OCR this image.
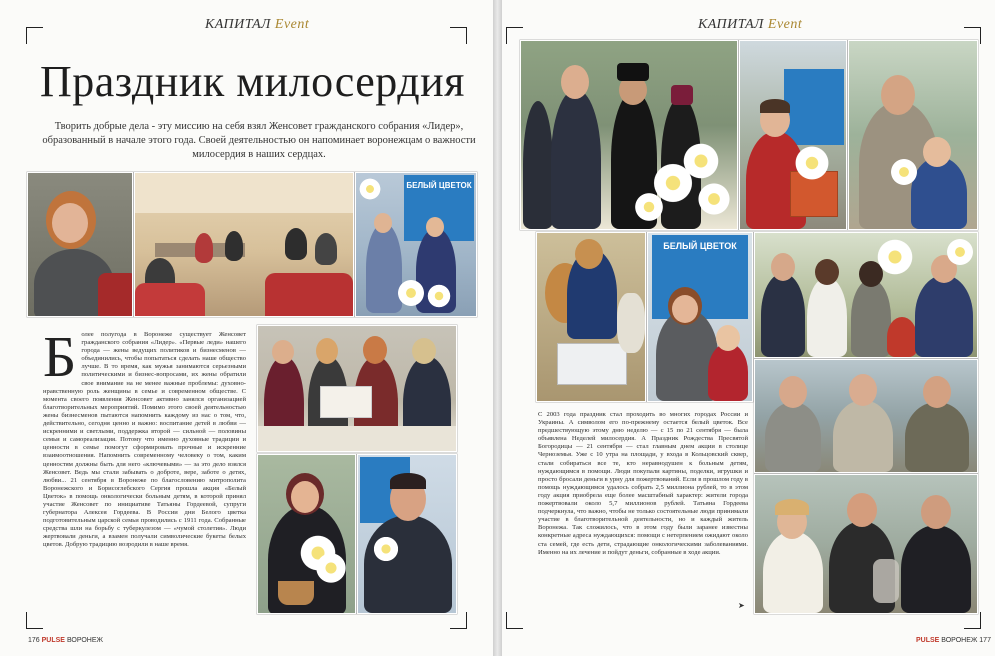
КАПИТАЛ Event
Праздник милосердия
Творить добрые дела - эту миссию на себя взял Женсовет гражданского собрания «Лидер», образованный в начале этого года. Своей деятельностью он напоминает воронежцам о важности милосердия в наших сердцах.
БЕЛЫЙ ЦВЕТОК
Б олее полугода в Воронеже существует Женсовет гражданского собрания «Лидер». «Первые леди» нашего города — жены ведущих политиков и бизнесменов — объединились, чтобы попытаться сделать наше общество лучше. В то время, как мужья занимаются серьезными политическими и бизнес-вопросами, их жены обратили свое внимание на не менее важные проблемы: духовно-нравственную роль женщины в семье и современном обществе. С момента своего появления Женсовет активно занялся организацией благотворительных мероприятий. Помимо этого своей деятельностью жены бизнесменов пытаются напомнить каждому из нас о том, что, действительно, сегодня ценно и важно: воспитание детей в любви — искренними и светлыми, поддержка второй — сильной — половины семьи и самореализация. Потому что именно духовные традиции и ценности в семье помогут сформировать прочные и искренние взаимоотношения. Напомнить современному человеку о том, каким ценностям должны быть для него «ключевыми» — за это дело взялся Женсовет. Ведь мы стали забывать о доброте, вере, заботе о детях, любви... 21 сентября в Воронеже по благословению митрополита Воронежского и Борисоглебского Сергия прошла акция «Белый Цветок» в помощь онкологически больным детям, в которой принял участие Женсовет по инициативе Татьяны Гордеевой, супруги губернатора Алексея Гордеева. В России дни Белого цветка подготовительным царской семьи проводились с 1911 года. Собранные средства шли на борьбу с туберкулезом — «чумой столетия». Люди жертвовали деньги, а взамен получали символические букеты белых цветов. Добрую традицию возродили в наше время.
176 PULSE ВОРОНЕЖ
КАПИТАЛ Event
БЕЛЫЙ ЦВЕТОК
С 2003 года праздник стал проходить во многих городах России и Украины. А символом его по-прежнему остается белый цветок. Все предшествующую этому дню неделю — с 15 по 21 сентября — была объявлена Неделей милосердия. А Праздник Рождества Пресвятой Богородицы — 21 сентября — стал главным днем акции в столице Черноземья. Уже с 10 утра на площади, у входа в Кольцовский сквер, стали собираться все те, кто неравнодушен к больным детям, нуждающимся в помощи. Люди покупали картины, поделки, игрушки и просто бросали деньги в урну для пожертвований. Если в прошлом году в помощь нуждающимся удалось собрать 2,5 миллиона рублей, то в этом году акция приобрела еще более масштабный характер: жители города пожертвовали около 5,7 миллионов рублей. Татьяна Гордеева подчеркнула, что важно, чтобы не только состоятельные люди принимали участие в благотворительной деятельности, но и каждый житель Воронежа. Так сложилось, что в этом году были заранее известны конкретные адреса нуждающихся: помощи с нетерпением ожидают около ста семей, где есть дети, страдающие онкологическими заболеваниями. Именно на их лечение и пойдут деньги, собранные в ходе акции.
➤
PULSE ВОРОНЕЖ 177
